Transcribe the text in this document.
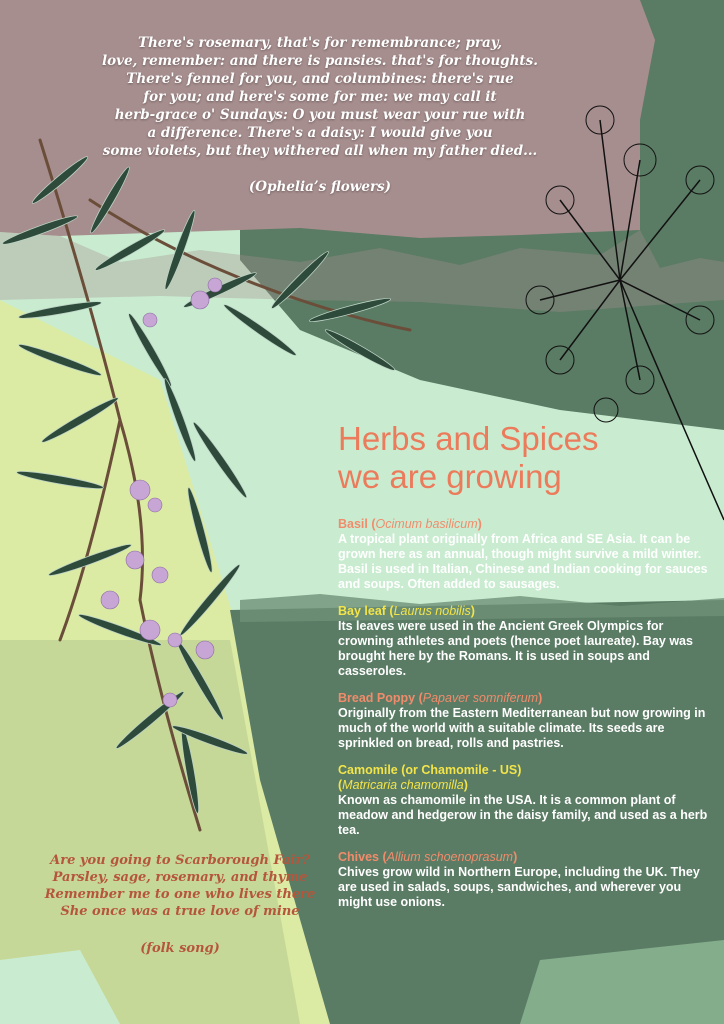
There's rosemary, that's for remembrance; pray,
love, remember: and there is pansies. that's for thoughts.
There's fennel for you, and columbines: there's rue
for you; and here's some for me: we may call it
herb-grace o' Sundays: O you must wear your rue with
a difference. There's a daisy: I would give you
some violets, but they withered all when my father died...
(Ophelia’s flowers)
Herbs and Spices
we are growing
Basil (Ocimum basilicum)
A tropical plant originally from Africa and SE Asia. It can be grown here as an annual, though might survive a mild winter. Basil is used in Italian, Chinese and Indian cooking for sauces and soups. Often added to sausages.
Bay leaf (Laurus nobilis)
Its leaves were used in the Ancient Greek Olympics for crowning athletes and poets (hence poet laureate). Bay was brought here by the Romans. It is used in soups and casseroles.
Bread Poppy (Papaver somniferum)
Originally from the Eastern Mediterranean but now growing in much of the world with a suitable climate. Its seeds are sprinkled on bread, rolls and pastries.
Camomile (or Chamomile - US)
(Matricaria chamomilla)
Known as chamomile in the USA. It is a common plant of meadow and hedgerow in the daisy family, and used as a herb tea.
Chives (Allium schoenoprasum)
Chives grow wild in Northern Europe, including the UK. They are used in salads, soups, sandwiches, and wherever you might use onions.
Are you going to Scarborough Fair?
Parsley, sage, rosemary, and thyme
Remember me to one who lives there
She once was a true love of mine
(folk song)
